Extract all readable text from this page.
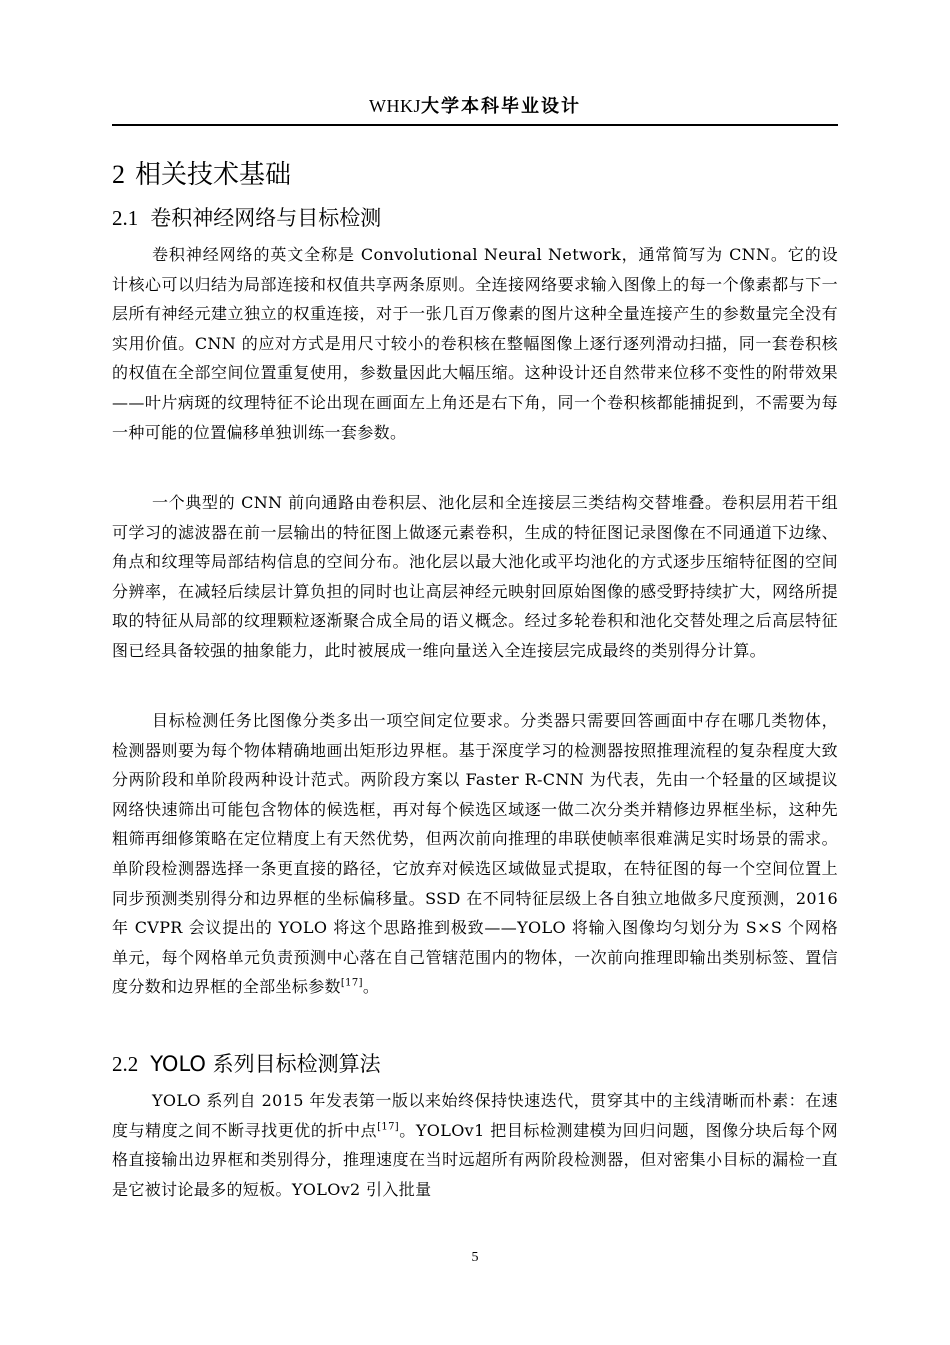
WHKJ大学本科毕业设计
2 相关技术基础
2.1 卷积神经网络与目标检测

卷积神经网络的英文全称是 Convolutional Neural Network，通常简写为 CNN。它的设计核心可以归结为局部连接和权值共享两条原则。全连接网络要求输入图像上的每一个像素都与下一层所有神经元建立独立的权重连接，对于一张几百万像素的图片这种全量连接产生的参数量完全没有实用价值。CNN 的应对方式是用尺寸较小的卷积核在整幅图像上逐行逐列滑动扫描，同一套卷积核的权值在全部空间位置重复使用，参数量因此大幅压缩。这种设计还自然带来位移不变性的附带效果——叶片病斑的纹理特征不论出现在画面左上角还是右下角，同一个卷积核都能捕捉到，不需要为每一种可能的位置偏移单独训练一套参数。

一个典型的 CNN 前向通路由卷积层、池化层和全连接层三类结构交替堆叠。卷积层用若干组可学习的滤波器在前一层输出的特征图上做逐元素卷积，生成的特征图记录图像在不同通道下边缘、角点和纹理等局部结构信息的空间分布。池化层以最大池化或平均池化的方式逐步压缩特征图的空间分辨率，在减轻后续层计算负担的同时也让高层神经元映射回原始图像的感受野持续扩大，网络所提取的特征从局部的纹理颗粒逐渐聚合成全局的语义概念。经过多轮卷积和池化交替处理之后高层特征图已经具备较强的抽象能力，此时被展成一维向量送入全连接层完成最终的类别得分计算。

目标检测任务比图像分类多出一项空间定位要求。分类器只需要回答画面中存在哪几类物体，检测器则要为每个物体精确地画出矩形边界框。基于深度学习的检测器按照推理流程的复杂程度大致分两阶段和单阶段两种设计范式。两阶段方案以 Faster R-CNN 为代表，先由一个轻量的区域提议网络快速筛出可能包含物体的候选框，再对每个候选区域逐一做二次分类并精修边界框坐标，这种先粗筛再细修策略在定位精度上有天然优势，但两次前向推理的串联使帧率很难满足实时场景的需求。单阶段检测器选择一条更直接的路径，它放弃对候选区域做显式提取，在特征图的每一个空间位置上同步预测类别得分和边界框的坐标偏移量。SSD 在不同特征层级上各自独立地做多尺度预测，2016 年 CVPR 会议提出的 YOLO 将这个思路推到极致——YOLO 将输入图像均匀划分为 S×S 个网格单元，每个网格单元负责预测中心落在自己管辖范围内的物体，一次前向推理即输出类别标签、置信度分数和边界框的全部坐标参数[17]。

2.2 YOLO 系列目标检测算法

YOLO 系列自 2015 年发表第一版以来始终保持快速迭代，贯穿其中的主线清晰而朴素：在速度与精度之间不断寻找更优的折中点[17]。YOLOv1 把目标检测建模为回归问题，图像分块后每个网格直接输出边界框和类别得分，推理速度在当时远超所有两阶段检测器，但对密集小目标的漏检一直是它被讨论最多的短板。YOLOv2 引入批量

5
